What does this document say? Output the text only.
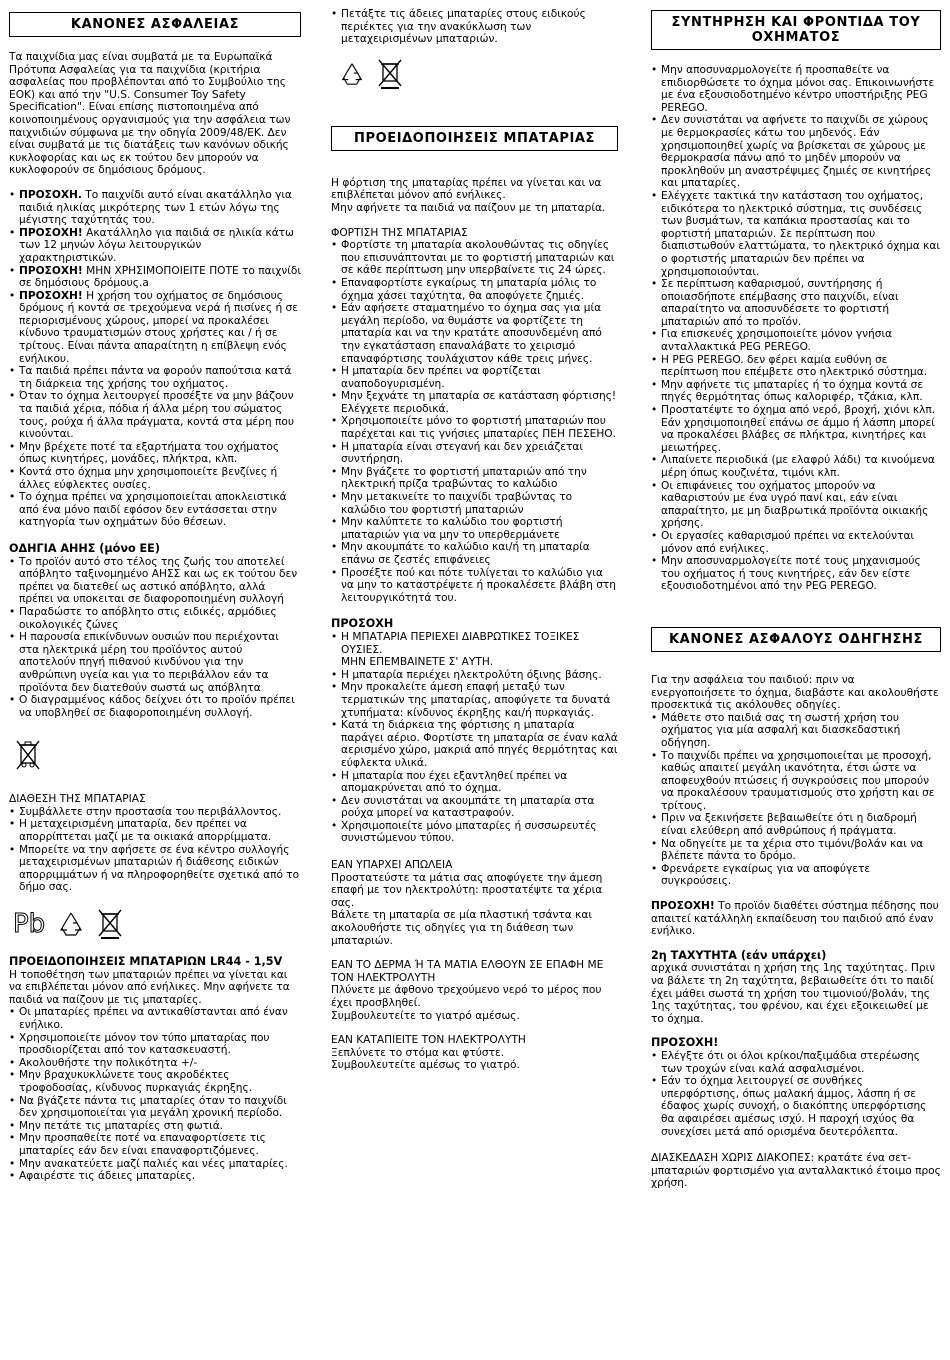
ΚΑΝΟΝΕΣ ΑΣΦΑΛΕΙΑΣ

Τα παιχνίδια μας είναι συμβατά με τα Ευρωπαϊκά Πρότυπα Ασφαλείας για τα παιχνίδια (κριτήρια ασφαλείας που προβλέπονται από το Συμβούλιο της ΕΟΚ) και από την "U.S. Consumer Toy Safety Specification". Είναι επίσης πιστοποιημένα από κοινοποιημένους οργανισμούς για την ασφάλεια των παιχνιδιών σύμφωνα με την οδηγία 2009/48/ΕΚ. Δεν είναι συμβατά με τις διατάξεις των κανόνων οδικής κυκλοφορίας και ως εκ τούτου δεν μπορούν να κυκλοφορούν σε δημόσιους δρόμους.

• ΠΡΟΣΟΧΗ. Το παιχνίδι αυτό είναι ακατάλληλο για παιδιά ηλικίας μικρότερης των 1 ετών λόγω της μέγιστης ταχύτητάς του.
• ΠΡΟΣΟΧΗ! Ακατάλληλο για παιδιά σε ηλικία κάτω των 12 μηνών λόγω λειτουργικών χαρακτηριστικών.
• ΠΡΟΣΟΧΗ! ΜΗΝ ΧΡΗΣΙΜΟΠΟΙΕΙΤΕ ΠΟΤΕ το παιχνίδι σε δημόσιους δρόμους.a
• ΠΡΟΣΟΧΗ! Η χρήση του οχήματος σε δημόσιους δρόμους ή κοντά σε τρεχούμενα νερά ή πισίνες ή σε περιορισμένους χώρους, μπορεί να προκαλέσει κίνδυνο τραυματισμών στους χρήστες και / ή σε τρίτους. Είναι πάντα απαραίτητη η επίβλεψη ενός ενήλικου.
• Τα παιδιά πρέπει πάντα να φορούν παπούτσια κατά τη διάρκεια της χρήσης του οχήματος.
• Όταν το όχημα λειτουργεί προσέξτε να μην βάζουν τα παιδιά χέρια, πόδια ή άλλα μέρη του σώματος τους, ρούχα ή άλλα πράγματα, κοντά στα μέρη που κινούνται.
• Μην βρέχετε ποτέ τα εξαρτήματα του οχήματος όπως κινητήρες, μονάδες, πλήκτρα, κλπ.
• Κοντά στο όχημα μην χρησιμοποιείτε βενζίνες ή άλλες εύφλεκτες ουσίες.
• Το όχημα πρέπει να χρησιμοποιείται αποκλειστικά από ένα μόνο παιδί εφόσον δεν εντάσσεται στην κατηγορία των οχημάτων δύο θέσεων.

ΟΔΗΓΙΑ ΑΗΗΣ (μόνο ΕΕ)

• Το προϊόν αυτό στο τέλος της ζωής του αποτελεί απόβλητο ταξινομημένο ΑΗΣΣ και ως εκ τούτου δεν πρέπει να διατεθεί ως αστικό απόβλητο, αλλά πρέπει να υποκειται σε διαφοροποιημένη συλλογή
• Παραδώστε το απόβλητο στις ειδικές, αρμόδιες οικολογικές ζώνες
• Η παρουσία επικίνδυνων ουσιών που περιέχονται στα ηλεκτρικά μέρη του προϊόντος αυτού αποτελούν πηγή πιθανού κινδύνου για την ανθρώπινη υγεία και για το περιβάλλον εάν τα προϊόντα δεν διατεθούν σωστά ως απόβλητα
• Ο διαγραμμένος κάδος δείχνει ότι το προϊόν πρέπει να υποβληθεί σε διαφοροποιημένη συλλογή.

ΔΙΑΘΕΣΗ ΤΗΣ ΜΠΑΤΑΡΙΑΣ

• Συμβάλλετε στην προστασία του περιβάλλοντος.
• Η μεταχειρισμένη μπαταρία, δεν πρέπει να απορρίπτεται μαζί με τα οικιακά απορρίμματα.
• Μπορείτε να την αφήσετε σε ένα κέντρο συλλογής μεταχειρισμένων μπαταριών ή διάθεσης ειδικών απορριμμάτων ή να πληροφορηθείτε σχετικά από το δήμο σας.
Pb

ΠΡΟΕΙΔΟΠΟΙΗΣΕΙΣ ΜΠΑΤΑΡΙΩΝ LR44 - 1,5V

Η τοποθέτηση των μπαταριών πρέπει να γίνεται και να επιβλέπεται μόνον από ενήλικες. Μην αφήνετε τα παιδιά να παίζουν με τις μπαταρίες.

• Οι μπαταρίες πρέπει να αντικαθίστανται από έναν ενήλικο.
• Χρησιμοποιείτε μόνον τον τύπο μπαταρίας που προσδιορίζεται από τον κατασκευαστή.
• Ακολουθήστε την πολικότητα +/-
• Μην βραχυκυκλώνετε τους ακροδέκτες τροφοδοσίας, κίνδυνος πυρκαγιάς έκρηξης.
• Να βγάζετε πάντα τις μπαταρίες όταν το παιχνίδι δεν χρησιμοποιείται για μεγάλη χρονική περίοδο.
• Μην πετάτε τις μπαταρίες στη φωτιά.
• Μην προσπαθείτε ποτέ να επαναφορτίσετε τις μπαταρίες εάν δεν είναι επαναφορτιζόμενες.
• Μην ανακατεύετε μαζί παλιές και νέες μπαταρίες.
• Αφαιρέστε τις άδειες μπαταρίες.
• Πετάξτε τις άδειες μπαταρίες στους ειδικούς περιέκτες για την ανακύκλωση των μεταχειρισμένων μπαταριών.
ΠΡΟΕΙΔΟΠΟΙΗΣΕΙΣ ΜΠΑΤΑΡΙΑΣ

Η φόρτιση της μπαταρίας πρέπει να γίνεται και να επιβλέπεται μόνον από ενήλικες.

Μην αφήνετε τα παιδιά να παίζουν με τη μπαταρία.

ΦΟΡΤΙΣΗ ΤΗΣ ΜΠΑΤΑΡΙΑΣ

• Φορτίστε τη μπαταρία ακολουθώντας τις οδηγίες που επισυνάπτονται με το φορτιστή μπαταριών και σε κάθε περίπτωση μην υπερβαίνετε τις 24 ώρες.
• Επαναφορτίστε εγκαίρως τη μπαταρία μόλις το όχημα χάσει ταχύτητα, θα αποφύγετε ζημιές.
• Εάν αφήσετε σταματημένο το όχημα σας για μία μεγάλη περίοδο, να θυμάστε να φορτίζετε τη μπαταρία και να την κρατάτε αποσυνδεμένη από την εγκατάσταση επαναλάβατε το χειρισμό επαναφόρτισης τουλάχιστον κάθε τρεις μήνες.
• Η μπαταρία δεν πρέπει να φορτίζεται αναποδογυρισμένη.
• Μην ξεχνάτε τη μπαταρία σε κατάσταση φόρτισης! Ελέγχετε περιοδικά.
• Χρησιμοποιείτε μόνο το φορτιστή μπαταριών που παρέχεται και τις γνήσιες μπαταρίες ΠΕΗ ΠΕΣΕΗΟ.
• Η μπαταρία είναι στεγανή και δεν χρειάζεται συντήρηση.
• Μην βγάζετε το φορτιστή μπαταριών από την ηλεκτρική πρίζα τραβώντας το καλώδιο
• Μην μετακινείτε το παιχνίδι τραβώντας το καλώδιο του φορτιστή μπαταριών
• Μην καλύπτετε το καλώδιο του φορτιστή μπαταριών για να μην το υπερθερμάνετε
• Μην ακουμπάτε το καλώδιο και/ή τη μπαταρία επάνω σε ζεστές επιφάνειες
• Προσέξτε πού και πότε τυλίγεται το καλώδιο για να μην το καταστρέψετε ή προκαλέσετε βλάβη στη λειτουργικότητά του.

ΠΡΟΣΟΧΗ

• Η ΜΠΑΤΑΡΙΑ ΠΕΡΙΕΧΕΙ ΔΙΑΒΡΩΤΙΚΕΣ ΤΟΞΙΚΕΣ ΟΥΣΙΕΣ.
ΜΗΝ ΕΠΕΜΒΑΙΝΕΤΕ Σ' ΑΥΤΗ.
• Η μπαταρία περιέχει ηλεκτρολύτη όξινης βάσης.
• Μην προκαλείτε άμεση επαφή μεταξύ των τερματικών της μπαταρίας, αποφύγετε τα δυνατά χτυπήματα: κίνδυνος έκρηξης και/ή πυρκαγιάς.
• Κατά τη διάρκεια της φόρτισης η μπαταρία παράγει αέριο. Φορτίστε τη μπαταρία σε έναν καλά αερισμένο χώρο, μακριά από πηγές θερμότητας και εύφλεκτα υλικά.
• Η μπαταρία που έχει εξαντληθεί πρέπει να απομακρύνεται από το όχημα.
• Δεν συνιστάται να ακουμπάτε τη μπαταρία στα ρούχα μπορεί να καταστραφούν.
• Χρησιμοποιείτε μόνο μπαταρίες ή συσσωρευτές συνιστώμενου τύπου.

ΕΑΝ ΥΠΑΡΧΕΙ ΑΠΩΛΕΙΑ

Προστατεύστε τα μάτια σας αποφύγετε την άμεση επαφή με τον ηλεκτρολύτη: προστατέψτε τα χέρια σας.

Βάλετε τη μπαταρία σε μία πλαστική τσάντα και ακολουθήστε τις οδηγίες για τη διάθεση των μπαταριών.

ΕΑΝ ΤΟ ΔΕΡΜΑ Ή ΤΑ ΜΑΤΙΑ ΕΛΘΟΥΝ ΣΕ ΕΠΑΦΗ ΜΕ ΤΟΝ ΗΛΕΚΤΡΟΛΥΤΗ

Πλύνετε με άφθονο τρεχούμενο νερό το μέρος που έχει προσβληθεί.

Συμβουλευτείτε το γιατρό αμέσως.

ΕΑΝ ΚΑΤΑΠΙΕΙΤΕ ΤΟΝ ΗΛΕΚΤΡΟΛΥΤΗ

Ξεπλύνετε το στόμα και φτύστε.

Συμβουλευτείτε αμέσως το γιατρό.

ΣΥΝΤΗΡΗΣΗ ΚΑΙ ΦΡΟΝΤΙΔΑ ΤΟΥ ΟΧΗΜΑΤΟΣ
• Μην αποσυναρμολογείτε ή προσπαθείτε να επιδιορθώσετε το όχημα μόνοι σας. Επικοινωνήστε με ένα εξουσιοδοτημένο κέντρο υποστήριξης PEG PEREGO.
• Δεν συνιστάται να αφήνετε το παιχνίδι σε χώρους με θερμοκρασίες κάτω του μηδενός. Εάν χρησιμοποιηθεί χωρίς να βρίσκεται σε χώρους με θερμοκρασία πάνω από το μηδέν μπορούν να προκληθούν μη αναστρέψιμες ζημιές σε κινητήρες και μπαταρίες.
• Ελέγχετε τακτικά την κατάσταση του οχήματος, ειδικότερα το ηλεκτρικό σύστημα, τις συνδέσεις των βυσμάτων, τα καπάκια προστασίας και το φορτιστή μπαταριών. Σε περίπτωση που διαπιστωθούν ελαττώματα, το ηλεκτρικό όχημα και ο φορτιστής μπαταριών δεν πρέπει να χρησιμοποιούνται.
• Σε περίπτωση καθαρισμού, συντήρησης ή οποιασδήποτε επέμβασης στο παιχνίδι, είναι απαραίτητο να αποσυνδέσετε το φορτιστή μπαταριών από το προϊόν.
• Για επισκευές χρησιμοποιείτε μόνον γνήσια ανταλλακτικά PEG PEREGO.
• Η PEG PEREGO. δεν φέρει καμία ευθύνη σε περίπτωση που επέμβετε στο ηλεκτρικό σύστημα.
• Μην αφήνετε τις μπαταρίες ή το όχημα κοντά σε πηγές θερμότητας όπως καλοριφέρ, τζάκια, κλπ.
• Προστατέψτε το όχημα από νερό, βροχή, χιόνι κλπ. Εάν χρησιμοποιηθεί επάνω σε άμμο ή λάσπη μπορεί να προκαλέσει βλάβες σε πλήκτρα, κινητήρες και μειωτήρες.
• Λιπαίνετε περιοδικά (με ελαφρύ λάδι) τα κινούμενα μέρη όπως κουζινέτα, τιμόνι κλπ.
• Οι επιφάνειες του οχήματος μπορούν να καθαριστούν με ένα υγρό πανί και, εάν είναι απαραίτητο, με μη διαβρωτικά προϊόντα οικιακής χρήσης.
• Οι εργασίες καθαρισμού πρέπει να εκτελούνται μόνον από ενήλικες.
• Μην αποσυναρμολογείτε ποτέ τους μηχανισμούς του οχήματος ή τους κινητήρες, εάν δεν είστε εξουσιοδοτημένοι από την PEG PEREGO.
ΚΑΝΟΝΕΣ ΑΣΦΑΛΟΥΣ ΟΔΗΓΗΣΗΣ

Για την ασφάλεια του παιδιού: πριν να ενεργοποιήσετε το όχημα, διαβάστε και ακολουθήστε προσεκτικά τις ακόλουθες οδηγίες.

• Μάθετε στο παιδιά σας τη σωστή χρήση του οχήματος για μία ασφαλή και διασκεδαστική οδήγηση.
• Το παιχνίδι πρέπει να χρησιμοποιείται με προσοχή, καθώς απαιτεί μεγάλη ικανότητα, έτσι ώστε να αποφευχθούν πτώσεις ή συγκρούσεις που μπορούν να προκαλέσουν τραυματισμούς στο χρήστη και σε τρίτους.
• Πριν να ξεκινήσετε βεβαιωθείτε ότι η διαδρομή είναι ελεύθερη από ανθρώπους ή πράγματα.
• Να οδηγείτε με τα χέρια στο τιμόνι/βολάν και να βλέπετε πάντα το δρόμο.
• Φρενάρετε εγκαίρως για να αποφύγετε συγκρούσεις.

ΠΡΟΣΟΧΗ! Το προϊόν διαθέτει σύστημα πέδησης που απαιτεί κατάλληλη εκπαίδευση του παιδιού από έναν ενήλικο.

2η ΤΑΧΥΤΗΤΑ (εάν υπάρχει)

αρχικά συνιστάται η χρήση της 1ης ταχύτητας. Πριν να βάλετε τη 2η ταχύτητα, βεβαιωθείτε ότι το παιδί έχει μάθει σωστά τη χρήση του τιμονιού/βολάν, της 1ης ταχύτητας, του φρένου, και έχει εξοικειωθεί με το όχημα.

ΠΡΟΣΟΧΗ!

• Ελέγξτε ότι οι όλοι κρίκοι/παξιμάδια στερέωσης των τροχών είναι καλά ασφαλισμένοι.
• Εάν το όχημα λειτουργεί σε συνθήκες υπερφόρτισης, όπως μαλακή άμμος, λάσπη ή σε έδαφος χωρίς συνοχή, ο διακόπτης υπερφόρτισης θα αφαιρέσει αμέσως ισχύ. Η παροχή ισχύος θα συνεχίσει μετά από ορισμένα δευτερόλεπτα.

ΔΙΑΣΚΕΔΑΣΗ ΧΩΡΙΣ ΔΙΑΚΟΠΕΣ: κρατάτε ένα σετ-μπαταριών φορτισμένο για ανταλλακτικό έτοιμο προς χρήση.
